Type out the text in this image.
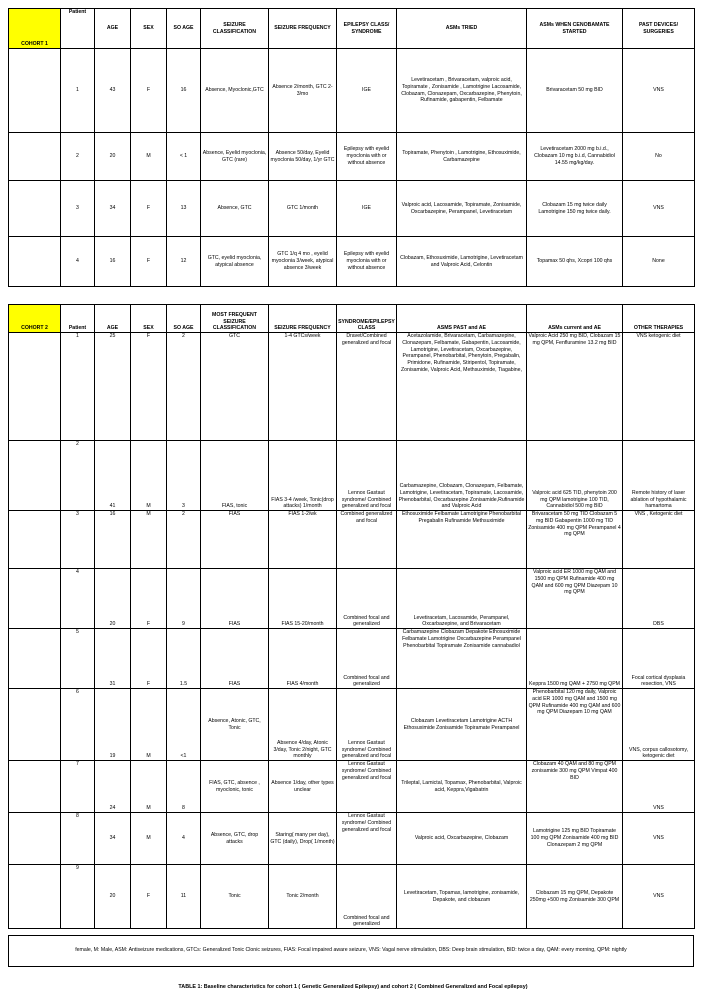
COHORT 1	Patient	AGE	SEX	SO AGE	SEIZURE CLASSIFICATION	SEIZURE FREQUENCY	EPILEPSY CLASS/ SYNDROME	ASMs TRIED	ASMs WHEN CENOBAMATE STARTED	PAST DEVICES/ SURGERIES
	1	43	F	16	Absence, Myoclonic,GTC	Absence 2/month, GTC 2-3/mo	IGE	Levetiracetam , Brivaracetam, valproic acid, Topiramate , Zonisamide , Lamotrigine Lacosamide, Clobazam, Clonazepam, Oxcarbazepine, Phenytoin, Rufinamide, gabapentin, Felbamate	Brivaracetam 50 mg BID	VNS
	2	20	M	< 1	Absence, Eyelid myoclonia, GTC (rare)	Absence 50/day, Eyelid myoclonia 50/day, 1/yr GTC	Epilepsy with eyelid myoclonia with or without absence	Topiramate, Phenytoin , Lamotrigine, Ethosuximide, Carbamazepine	Levetiracetam 2000 mg b.i.d., Clobazam 10 mg b.i.d, Cannabidiol 14.55 mg/kg/day.	No
	3	34	F	13	Absence, GTC	GTC 1/month	IGE	Valproic acid, Lacosamide, Topiramate, Zonisamide, Oxcarbazepine, Perampanel, Levetiracetam	Clobazam 15 mg twice daily Lamotrigine 150 mg twice daily.	VNS
	4	16	F	12	GTC, eyelid myoclonia, atypical absence	GTC 1/q 4 mo , eyelid myoclonia 3/week, atypical absence 3/week	Epilepsy with eyelid myoclonia with or without absence	Clobazam, Ethosuximide, Lamotrigine, Levetiracetam and Valproic Acid, Celontin	Topamax 50 qhs, Xcopri 100 qhs	None
COHORT 2	Patient	AGE	SEX	SO AGE	MOST FREQUENT SEIZURE CLASSIFICATION	SEIZURE FREQUENCY	SYNDROME/EPILEPSY CLASS	ASMS PAST and AE	ASMs current and AE	OTHER THERAPIES
	1	25	F	2	GTC	1-4 GTCs/week	Dravet/Combined generalized and focal	Acetazolamide, Brivaracetam, Carbamazepine, Clonazepam, Felbamate, Gabapentin, Lacosamide, Lamotrigine, Levetiracetam, Oxcarbazepine, Perampanel, Phenobarbital, Phenytoin, Pregabalin, Primidone, Rufinamide, Stiripentol, Topiramate, Zonisamide, Valproic Acid, Methsuximide, Tiagabine,	Valproic Acid 250 mg BID, Clobazam 15 mg QPM, Fenfluramine 13.2 mg BID	VNS ketogenic diet
	2	41	M	3	FIAS, tonic	FIAS 3-4 /week, Tonic(drop attacks) 1/month	Lennox Gastaut syndrome/ Combined generalized and focal	Carbamazepine, Clobazam, Clonazepam, Felbamate, Lamotrigine, Levetiracetam, Topiramate, Lacosamide, Phenobarbital, Oxcarbazepine Zonisamide,Rufinamide and Valproic Acid	Valproic acid 625 TID, phenytoin 200 mg QPM lamotrigine 100 TID, Cannabidiol 500 mg BID	Remote history of laser ablation of hypothalamic hamartoma
	3	16	M	2	FIAS	FIAS 1-2/wk	Combined generalized and focal	Ethosuximide Felbamate Lamotrigine Phenobarbital Pregabalin Rufinamide Methsuximide	Brivaracetam 50 mg TID Clobazam 5 mg BID Gabapentin 1000 mg TID Zonisamide 400 mg QPM Perampanel 4 mg QPM	VNS , Ketogenic diet
	4	20	F	9	FIAS	FIAS 15-20/month	Combined focal and generalized	Levetiracetam, Lacosamide, Perampanel, Oxcarbazepine, and Brivaracetam	Valproic acid ER 1000 mg QAM and 1500 mg QPM Rufinamide 400 mg QAM and 600 mg QPM Diazepam 10 mg QPM	DBS
	5	31	F	1.5	FIAS	FIAS 4/month	Combined focal and generalized	Carbamazepine Clobazam Depakote Ethosuximide Felbamate Lamotrigine Oxcarbazepine Perampanel Phenobarbital Topiramate Zonisamide cannabadiol	Keppra 1500 mg QAM + 2750 mg QPM	Focal cortical dysplasia resection, VNS
	6	19	M	<1	Absence, Atonic, GTC, Tonic	Absence 4/day, Atonic 3/day, Tonic 2/night, GTC monthly	Lennox Gastaut syndrome/ Combined generalized and focal	Clobazam Levetiracetam Lamotrigine ACTH Ethosuximide Zonisamide Topiramate Perampanel	Phenobarbital 120 mg daily, Valproic acid ER 1000 mg QAM and 1500 mg QPM Rufinamide 400 mg QAM and 600 mg QPM Diazepam 10 mg QAM	VNS, corpus callosotomy, ketogenic diet
	7	24	M	8	FIAS, GTC, absence , myoclonic, tonic	Absence 1/day, other types unclear	Lennox Gastaut syndrome/ Combined generalized and focal	Trileptal, Lamictal, Topamax, Phenobarbital, Valproic acid, Keppra,Vigabatrin	Clobazam 40 QAM and 80 mg QPM zonisamide 300 mg QPM Vimpat 400 BID	VNS
	8	34	M	4	Absence, GTC, drop attacks	Staring( many per day), GTC (daily), Drop( 1/month)	Lennox Gastaut syndrome/ Combined generalized and focal	Valproic acid, Oxcarbazepine, Clobazam	Lamotrigine 125 mg BID Topiramate 100 mg QPM Zonisamide 400 mg BID Clonazepam 2 mg QPM	VNS
	9	20	F	11	Tonic	Tonic 2/month	Combined focal and generalized	Levetiracetam, Topamax, lamotrigine, zonisamide, Depakote, and clobazam	Clobazam 15 mg QPM, Depakote 250mg +500 mg Zonisamide 300 QPM	VNS
female, M: Male, ASM: Antiseizure medications, GTCs: Generalized Tonic Clonic seizures, FIAS: Focal impaired aware seizure, VNS: Vagal nerve stimulation, DBS: Deep brain stimulation, BID: twice a day, QAM: every morning, QPM: nightly
TABLE 1: Baseline characteristics for cohort 1 ( Genetic Generalized Epilepsy) and cohort 2 ( Combined Generalized and Focal epilepsy)
